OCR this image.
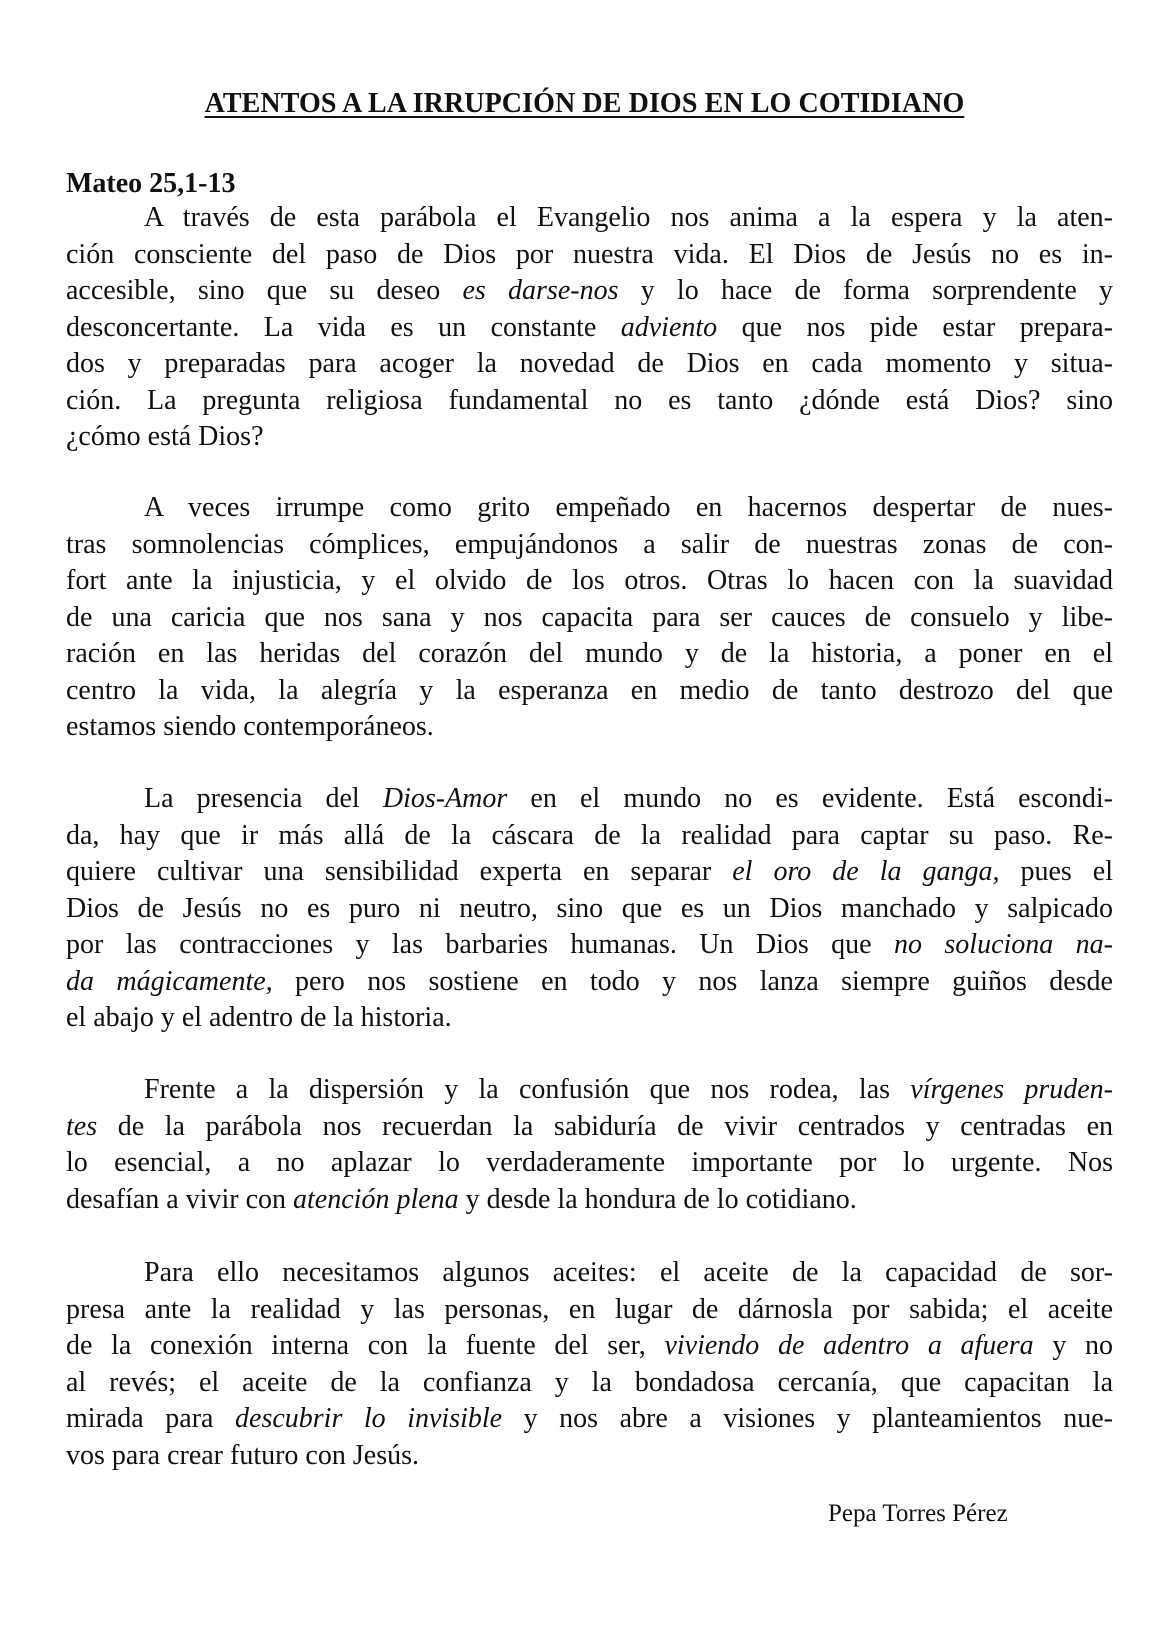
ATENTOS A LA IRRUPCIÓN DE DIOS EN LO COTIDIANO
Mateo 25,1-13
A través de esta parábola el Evangelio nos anima a la espera y la aten-
ción consciente del paso de Dios por nuestra vida. El Dios de Jesús no es in-
accesible, sino que su deseo es darse-nos y lo hace de forma sorprendente y
desconcertante. La vida es un constante adviento que nos pide estar prepara-
dos y preparadas para acoger la novedad de Dios en cada momento y situa-
ción. La pregunta religiosa fundamental no es tanto ¿dónde está Dios? sino
¿cómo está Dios?
A veces irrumpe como grito empeñado en hacernos despertar de nues-
tras somnolencias cómplices, empujándonos a salir de nuestras zonas de con-
fort ante la injusticia, y el olvido de los otros. Otras lo hacen con la suavidad
de una caricia que nos sana y nos capacita para ser cauces de consuelo y libe-
ración en las heridas del corazón del mundo y de la historia, a poner en el
centro la vida, la alegría y la esperanza en medio de tanto destrozo del que
estamos siendo contemporáneos.
La presencia del Dios-Amor en el mundo no es evidente. Está escondi-
da, hay que ir más allá de la cáscara de la realidad para captar su paso. Re-
quiere cultivar una sensibilidad experta en separar el oro de la ganga, pues el
Dios de Jesús no es puro ni neutro, sino que es un Dios manchado y salpicado
por las contracciones y las barbaries humanas. Un Dios que no soluciona na-
da mágicamente, pero nos sostiene en todo y nos lanza siempre guiños desde
el abajo y el adentro de la historia.
Frente a la dispersión y la confusión que nos rodea, las vírgenes pruden-
tes de la parábola nos recuerdan la sabiduría de vivir centrados y centradas en
lo esencial, a no aplazar lo verdaderamente importante por lo urgente. Nos
desafían a vivir con atención plena y desde la hondura de lo cotidiano.
Para ello necesitamos algunos aceites: el aceite de la capacidad de sor-
presa ante la realidad y las personas, en lugar de dárnosla por sabida; el aceite
de la conexión interna con la fuente del ser, viviendo de adentro a afuera y no
al revés; el aceite de la confianza y la bondadosa cercanía, que capacitan la
mirada para descubrir lo invisible y nos abre a visiones y planteamientos nue-
vos para crear futuro con Jesús.
Pepa Torres Pérez
